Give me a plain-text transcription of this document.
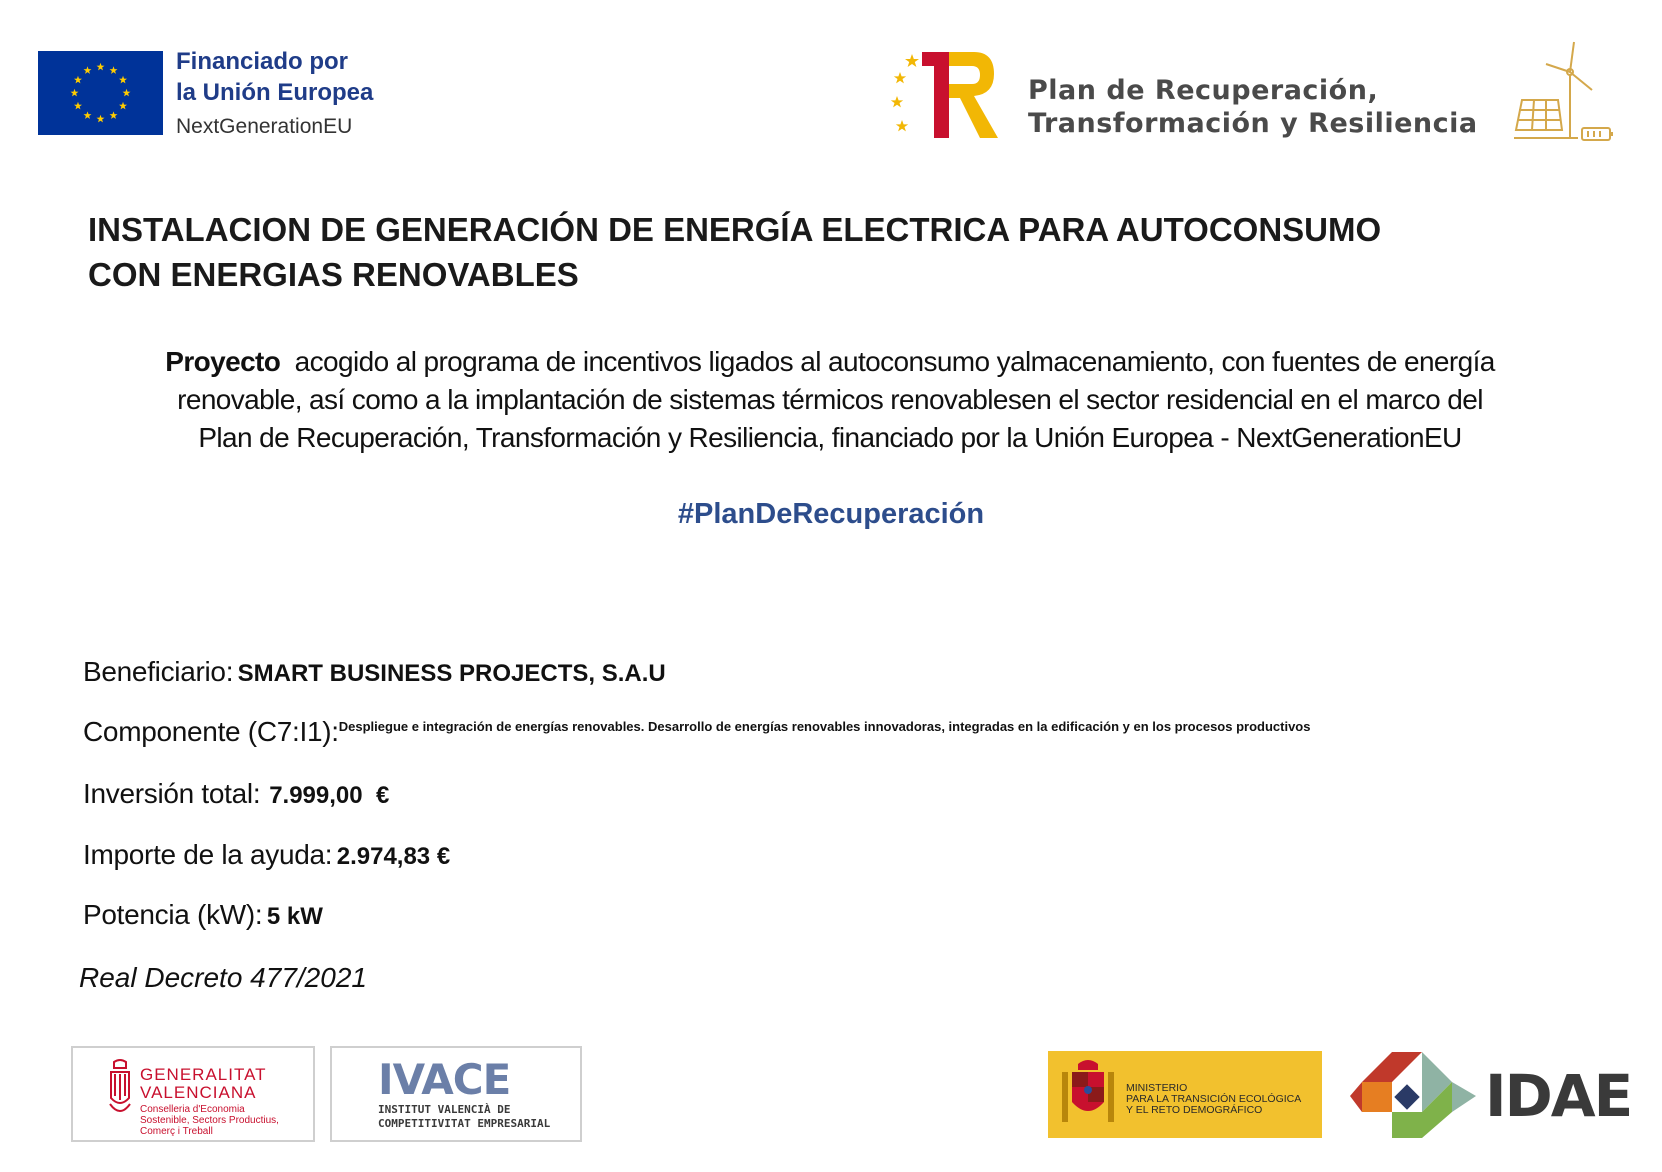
Financiado por
la Unión Europea
NextGenerationEU
Plan de Recuperación,
Transformación y Resiliencia
INSTALACION DE GENERACIÓN DE ENERGÍA ELECTRICA PARA AUTOCONSUMO
CON ENERGIAS RENOVABLES
Proyecto acogido al programa de incentivos ligados al autoconsumo yalmacenamiento, con fuentes de energía
renovable, así como a la implantación de sistemas térmicos renovablesen el sector residencial en el marco del
Plan de Recuperación, Transformación y Resiliencia, financiado por la Unión Europea - NextGenerationEU
#PlanDeRecuperación
Beneficiario: SMART BUSINESS PROJECTS, S.A.U
Componente (C7:I1):$^{Despliegue e integración de energías renovables. Desarrollo de energías renovables innovadoras, integradas en la edificación y en los procesos productivos}$
Inversión total: 7.999,00  €
Importe de la ayuda: 2.974,83 €
Potencia (kW): 5 kW
Real Decreto 477/2021
GENERALITAT
VALENCIANA
Conselleria d'Economia
Sostenible, Sectors Productius,
Comerç i Treball
IVACE
INSTITUT VALENCIÀ DE
COMPETITIVITAT EMPRESARIAL
MINISTERIO
PARA LA TRANSICIÓN ECOLÓGICA
Y EL RETO DEMOGRÁFICO	IDAE
